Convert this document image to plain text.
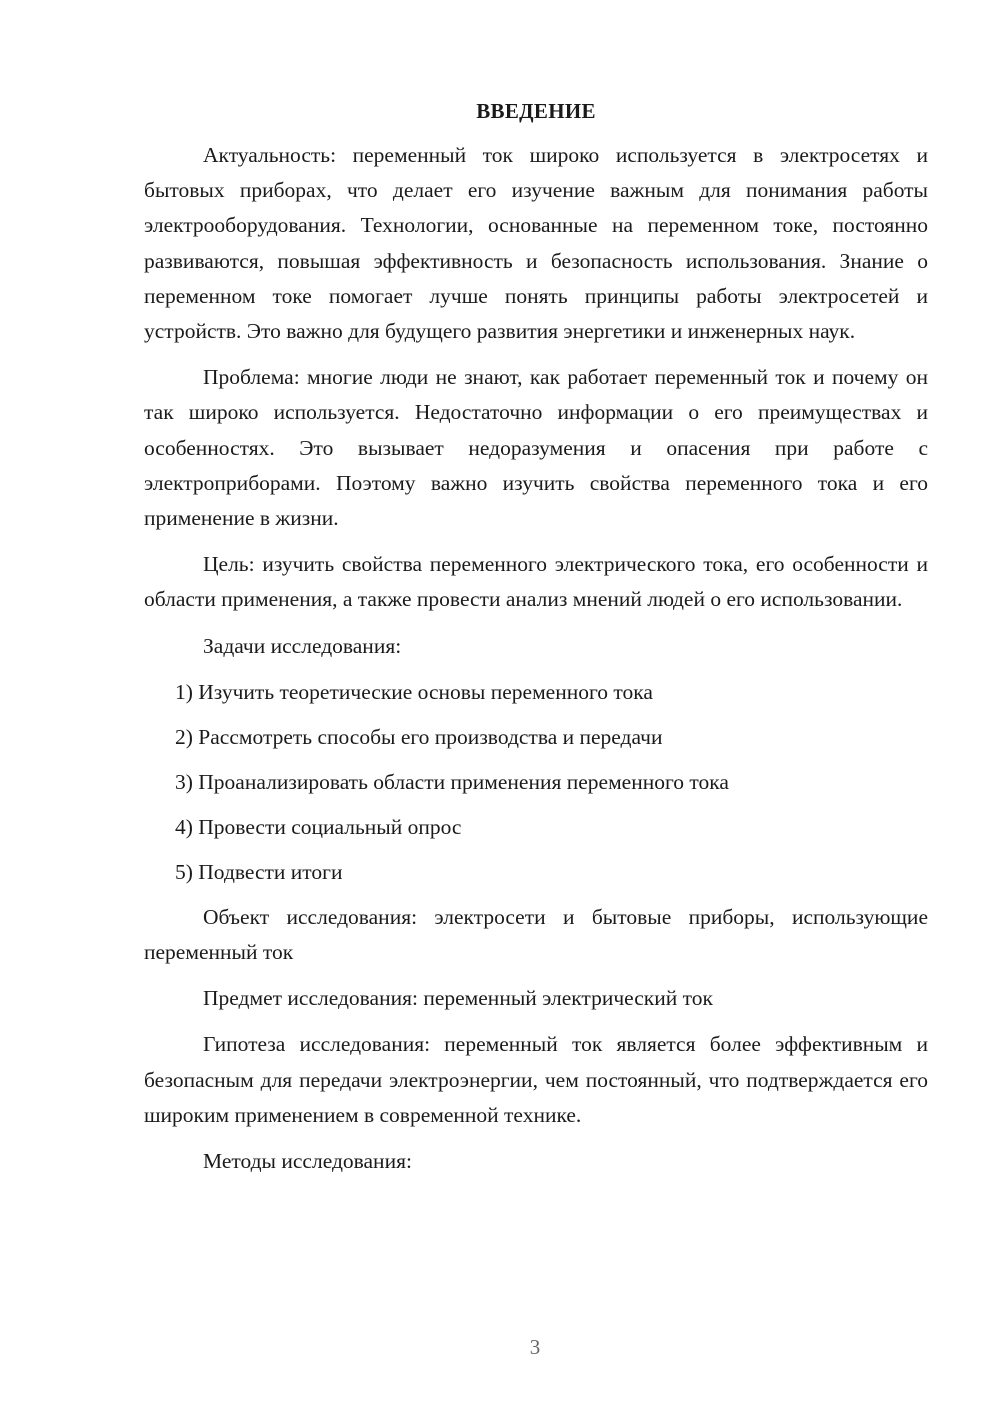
ВВЕДЕНИЕ

Актуальность: переменный ток широко используется в электросетях и бытовых приборах, что делает его изучение важным для понимания работы электрооборудования. Технологии, основанные на переменном токе, постоянно развиваются, повышая эффективность и безопасность использования. Знание о переменном токе помогает лучше понять принципы работы электросетей и устройств. Это важно для будущего развития энергетики и инженерных наук.

Проблема: многие люди не знают, как работает переменный ток и почему он так широко используется. Недостаточно информации о его преимуществах и особенностях. Это вызывает недоразумения и опасения при работе с электроприборами. Поэтому важно изучить свойства переменного тока и его применение в жизни.

Цель: изучить свойства переменного электрического тока, его особенности и области применения, а также провести анализ мнений людей о его использовании.

Задачи исследования:

1) Изучить теоретические основы переменного тока
2) Рассмотреть способы его производства и передачи
3) Проанализировать области применения переменного тока
4) Провести социальный опрос
5) Подвести итоги

Объект исследования: электросети и бытовые приборы, использующие переменный ток

Предмет исследования: переменный электрический ток

Гипотеза исследования: переменный ток является более эффективным и безопасным для передачи электроэнергии, чем постоянный, что подтверждается его широким применением в современной технике.

Методы исследования:

3
